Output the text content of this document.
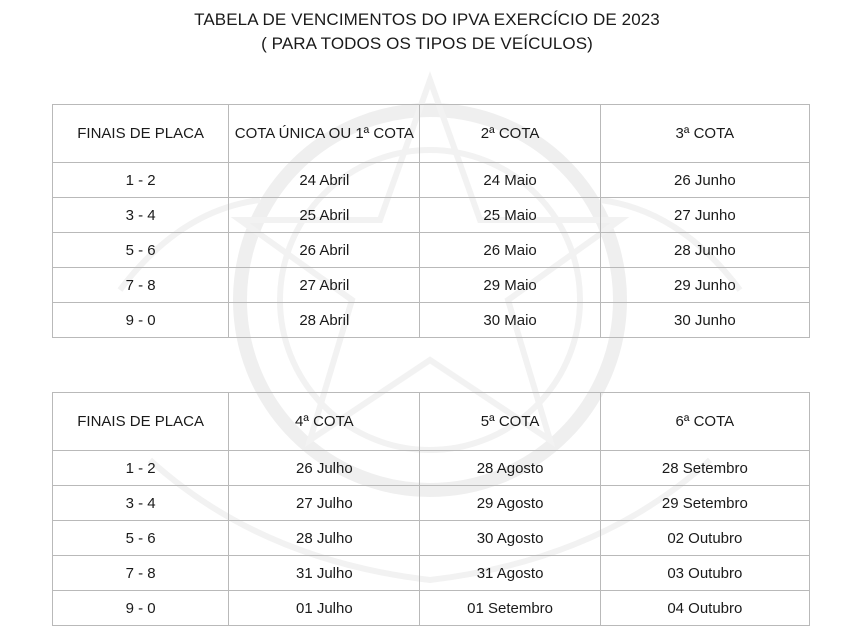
TABELA DE VENCIMENTOS DO IPVA EXERCÍCIO DE 2023
( PARA TODOS OS TIPOS DE VEÍCULOS)
FINAIS DE PLACA	COTA ÚNICA OU 1ª COTA	2ª COTA	3ª COTA
1 - 2	24 Abril	24 Maio	26 Junho
3 - 4	25 Abril	25 Maio	27 Junho
5 - 6	26 Abril	26 Maio	28 Junho
7 - 8	27 Abril	29 Maio	29 Junho
9 - 0	28 Abril	30 Maio	30 Junho
FINAIS DE PLACA	4ª COTA	5ª COTA	6ª COTA
1 - 2	26 Julho	28 Agosto	28 Setembro
3 - 4	27 Julho	29 Agosto	29 Setembro
5 - 6	28 Julho	30 Agosto	02 Outubro
7 - 8	31 Julho	31 Agosto	03 Outubro
9 - 0	01 Julho	01 Setembro	04 Outubro
